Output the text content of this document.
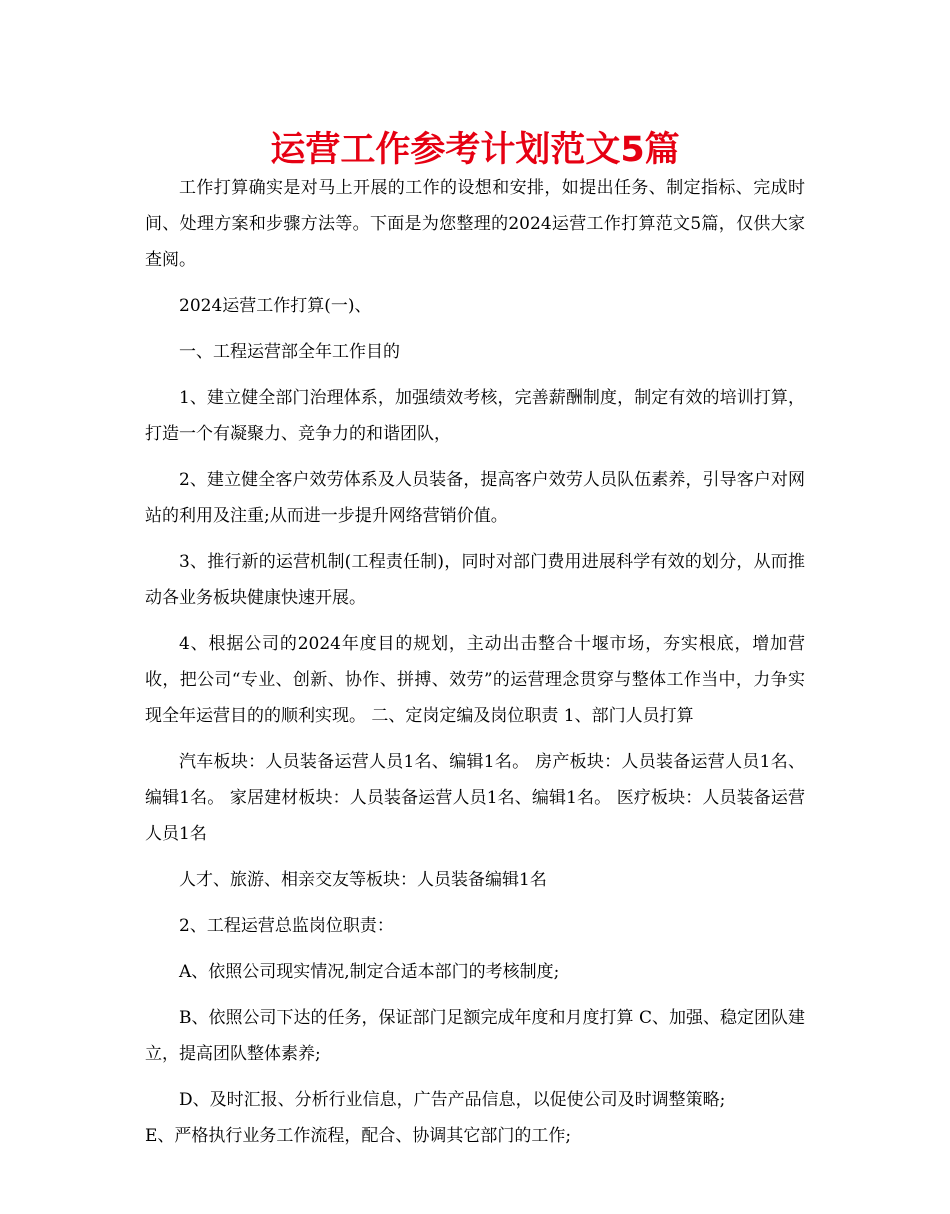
运营工作参考计划范文5篇

工作打算确实是对马上开展的工作的设想和安排，如提出任务、制定指标、完成时间、处理方案和步骤方法等。下面是为您整理的2024运营工作打算范文5篇，仅供大家查阅。

2024运营工作打算(一)、

一、工程运营部全年工作目的

1、建立健全部门治理体系，加强绩效考核，完善薪酬制度，制定有效的培训打算，打造一个有凝聚力、竞争力的和谐团队，

2、建立健全客户效劳体系及人员装备，提高客户效劳人员队伍素养，引导客户对网站的利用及注重;从而进一步提升网络营销价值。

3、推行新的运营机制(工程责任制)，同时对部门费用进展科学有效的划分，从而推动各业务板块健康快速开展。

4、根据公司的2024年度目的规划，主动出击整合十堰市场，夯实根底，增加营收，把公司“专业、创新、协作、拼搏、效劳”的运营理念贯穿与整体工作当中，力争实现全年运营目的的顺利实现。 二、定岗定编及岗位职责 1、部门人员打算

汽车板块：人员装备运营人员1名、编辑1名。 房产板块：人员装备运营人员1名、编辑1名。 家居建材板块：人员装备运营人员1名、编辑1名。 医疗板块：人员装备运营人员1名

人才、旅游、相亲交友等板块：人员装备编辑1名

2、工程运营总监岗位职责：

A、依照公司现实情况,制定合适本部门的考核制度;

B、依照公司下达的任务，保证部门足额完成年度和月度打算 C、加强、稳定团队建立，提高团队整体素养;

D、及时汇报、分析行业信息，广告产品信息，以促使公司及时调整策略;

E、严格执行业务工作流程，配合、协调其它部门的工作;
